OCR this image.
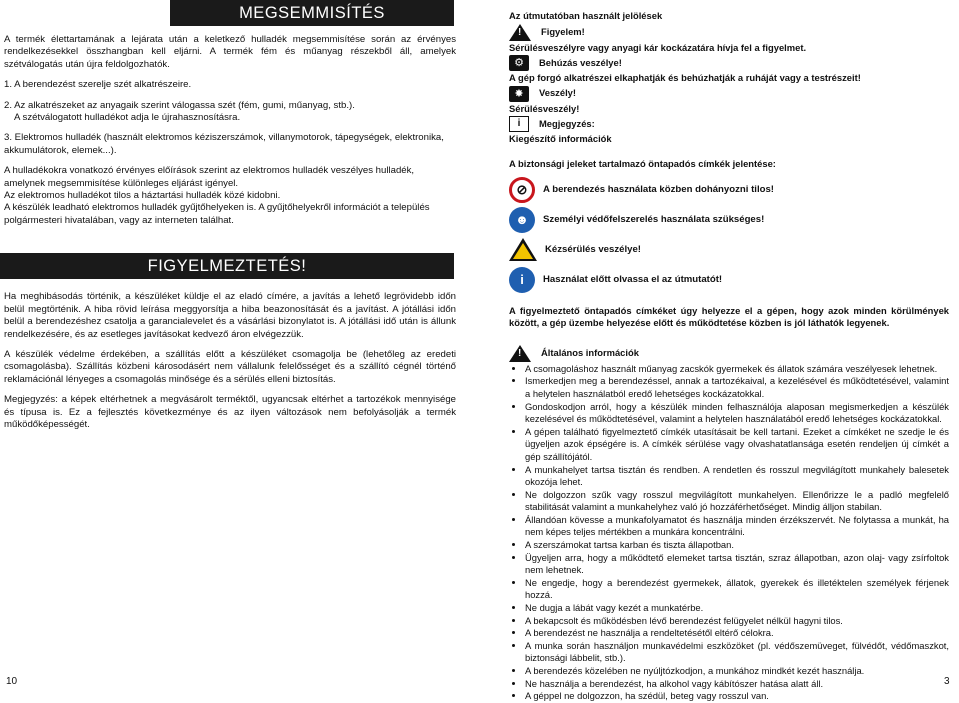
MEGSEMMISÍTÉS

A termék élettartamának a lejárata után a keletkező hulladék megsemmisítése során az érvényes rendelkezésekkel összhangban kell eljárni. A termék fém és műanyag részekből áll, amelyek szétválogatás után újra feldolgozhatók.

1. A berendezést szerelje szét alkatrészeire.

2. Az alkatrészeket az anyagaik szerint válogassa szét (fém, gumi, műanyag, stb.).

A szétválogatott hulladékot adja le újrahasznosításra.

3. Elektromos hulladék (használt elektromos kéziszerszámok, villanymotorok, tápegységek, elektronika, akkumulátorok, elemek...).

A hulladékokra vonatkozó érvényes előírások szerint az elektromos hulladék veszélyes hulladék, amelynek megsemmisítése különleges eljárást igényel.

Az elektromos hulladékot tilos a háztartási hulladék közé kidobni.

A készülék leadható elektromos hulladék gyűjtőhelyeken is. A gyűjtőhelyekről információt a település polgármesteri hivatalában, vagy az interneten találhat.

FIGYELMEZTETÉS!

Ha meghibásodás történik, a készüléket küldje el az eladó címére, a javítás a lehető legrövidebb időn belül megtörténik. A hiba rövid leírása meggyorsítja a hiba beazonosítását és a javítást. A jótállási időn belül a berendezéshez csatolja a garancialevelet és a vásárlási bizonylatot is. A jótállási idő után is állunk rendelkezésére, és az esetleges javításokat kedvező áron elvégezzük.

A készülék védelme érdekében, a szállítás előtt a készüléket csomagolja be (lehetőleg az eredeti csomagolásba). Szállítás közbeni károsodásért nem vállalunk felelősséget és a szállító cégnél történő reklamációnál lényeges a csomagolás minősége és a sérülés elleni biztosítás.

Megjegyzés: a képek eltérhetnek a megvásárolt terméktől, ugyancsak eltérhet a tartozékok mennyisége és típusa is. Ez a fejlesztés következménye és az ilyen változások nem befolyásolják a termék működőképességét.

Az útmutatóban használt jelölések

!
Figyelem!

Sérülésveszélyre vagy anyagi kár kockázatára hívja fel a figyelmet.

⚙	Behúzás veszélye!

A gép forgó alkatrészei elkaphatják és behúzhatják a ruháját vagy a testrészeit!

✸	Veszély!

Sérülésveszély!

i	Megjegyzés:

Kiegészítő információk

A biztonsági jeleket tartalmazó öntapadós címkék jelentése:

⊘	A berendezés használata közben dohányozni tilos!
☻	Személyi védőfelszerelés használata szükséges!
Kézsérülés veszélye!
i	Használat előtt olvassa el az útmutatót!

A figyelmeztető öntapadós címkéket úgy helyezze el a gépen, hogy azok minden körülmények között, a gép üzembe helyezése előtt és működtetése közben is jól láthatók legyenek.

!
Általános információk
• A csomagoláshoz használt műanyag zacskók gyermekek és állatok számára veszélyesek lehetnek.
• Ismerkedjen meg a berendezéssel, annak a tartozékaival, a kezelésével és működtetésével, valamint a helytelen használatból eredő lehetséges kockázatokkal.
• Gondoskodjon arról, hogy a készülék minden felhasználója alaposan megismerkedjen a készülék kezelésével és működtetésével, valamint a helytelen használatából eredő lehetséges kockázatokkal.
• A gépen található figyelmeztető címkék utasításait be kell tartani. Ezeket a címkéket ne szedje le és ügyeljen azok épségére is. A címkék sérülése vagy olvashatatlansága esetén rendeljen új címkét a gép szállítójától.
• A munkahelyet tartsa tisztán és rendben. A rendetlen és rosszul megvilágított munkahely balesetek okozója lehet.
• Ne dolgozzon szűk vagy rosszul megvilágított munkahelyen. Ellenőrizze le a padló megfelelő stabilitását valamint a munkahelyhez való jó hozzáférhetőséget. Mindig álljon stabilan.
• Állandóan kövesse a munkafolyamatot és használja minden érzékszervét. Ne folytassa a munkát, ha nem képes teljes mértékben a munkára koncentrálni.
• A szerszámokat tartsa karban és tiszta állapotban.
• Ügyeljen arra, hogy a működtető elemeket tartsa tisztán, szraz állapotban, azon olaj- vagy zsírfoltok nem lehetnek.
• Ne engedje, hogy a berendezést gyermekek, állatok, gyerekek és illetéktelen személyek férjenek hozzá.
• Ne dugja a lábát vagy kezét a munkatérbe.
• A bekapcsolt és működésben lévő berendezést felügyelet nélkül hagyni tilos.
• A berendezést ne használja a rendeltetésétől eltérő célokra.
• A munka során használjon munkavédelmi eszközöket (pl. védőszemüveget, fülvédőt, védőmaszkot, biztonsági lábbelit, stb.).
• A berendezés közelében ne nyúljtózkodjon, a munkához mindkét kezét használja.
• Ne használja a berendezést, ha alkohol vagy kábítószer hatása alatt áll.
• A géppel ne dolgozzon, ha szédül, beteg vagy rosszul van.
10	3
